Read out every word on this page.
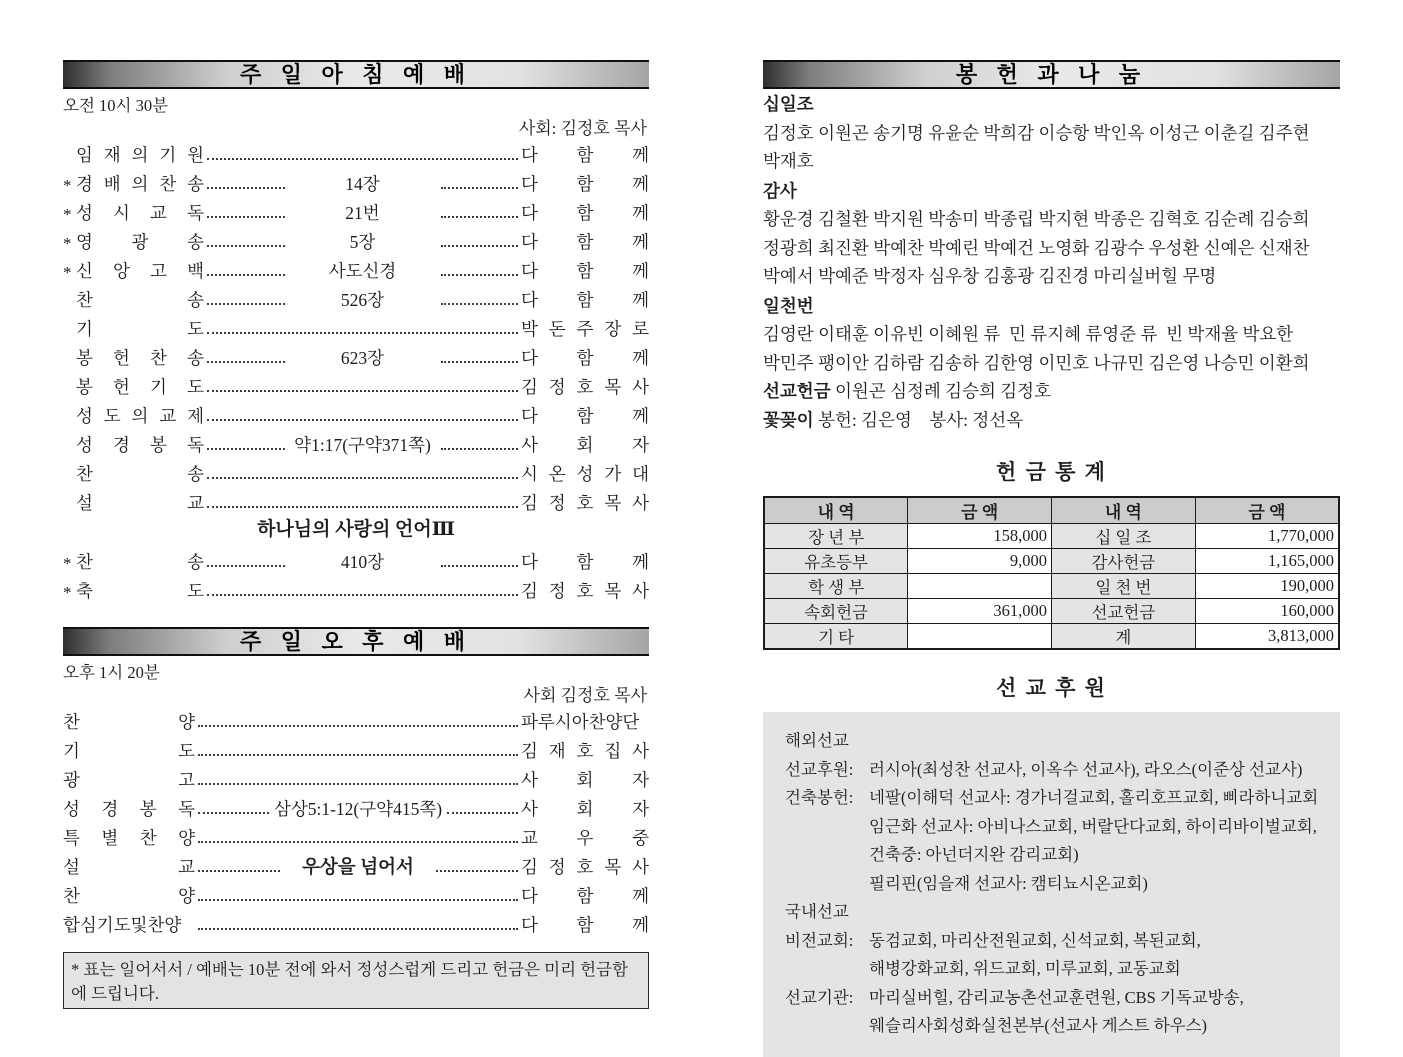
주 일 아 침 예 배
오전 10시 30분
사회: 김정호 목사
임 재 의 기 원	다 함 께
* 경 배 의 찬 송	14장	다 함 께
* 성 시 교 독	21번	다 함 께
* 영 광 송	5장	다 함 께
* 신 앙 고 백	사도신경	다 함 께
찬 송	526장	다 함 께
기 도	박 돈 주 장 로
봉 헌 찬 송	623장	다 함 께
봉 헌 기 도	김 정 호 목 사
성 도 의 교 제	다 함 께
성 경 봉 독	약1:17(구약371쪽)	사 회 자
찬 송	시 온 성 가 대
설 교	김 정 호 목 사
하나님의 사랑의 언어Ⅲ
* 찬 송	410장	다 함 께
* 축 도	김 정 호 목 사
주 일 오 후 예 배
오후 1시 20분
사회 김정호 목사
찬 양	파루시아찬양단
기 도	김 재 호 집 사
광 고	사 회 자
성 경 봉 독	삼상5:1-12(구약415쪽)	사 회 자
특 별 찬 양	교 우 중
설 교	우상을 넘어서	김 정 호 목 사
찬 양	다 함 께
합심기도및찬양	다 함 께
* 표는 일어서서 / 예배는 10분 전에 와서 정성스럽게 드리고 헌금은 미리 헌금함에 드립니다.
봉 헌 과 나 눔
십일조
김정호 이원곤 송기명 유윤순 박희감 이승항 박인옥 이성근 이춘길 김주현
박재호
감사
황운경 김철환 박지원 박송미 박종립 박지현 박종은 김혁호 김순례 김승희
정광희 최진환 박예찬 박예린 박예건 노영화 김광수 우성환 신예은 신재찬
박예서 박예준 박정자 심우창 김홍광 김진경 마리실버힐 무명
일천번
김영란 이태훈 이유빈 이혜원 류  민 류지혜 류영준 류  빈 박재율 박요한
박민주 팽이안 김하람 김송하 김한영 이민호 나규민 김은영 나승민 이환희
선교헌금 이원곤 심정례 김승희 김정호
꽃꽂이 봉헌: 김은영    봉사: 정선옥
헌 금 통 계
내 역	금 액	내 역	금 액
장 년 부	158,000	십 일 조	1,770,000
유초등부	9,000	감사헌금	1,165,000
학 생 부		일 천 번	190,000
속회헌금	361,000	선교헌금	160,000
기 타		계	3,813,000
선 교 후 원
해외선교
선교후원: 러시아(최성찬 선교사, 이옥수 선교사), 라오스(이준상 선교사)
건축봉헌: 네팔(이해덕 선교사: 경가너걸교회, 홀리호프교회, 삐라하니교회
임근화 선교사: 아비나스교회, 버랄단다교회, 하이리바이벌교회,
건축중: 아넌더지완 감리교회)
필리핀(임을재 선교사: 캠티뇨시온교회)
국내선교
비전교회: 동검교회, 마리산전원교회, 신석교회, 복된교회,
해병강화교회, 위드교회, 미루교회, 교동교회
선교기관: 마리실버힐, 감리교농촌선교훈련원, CBS 기독교방송,
웨슬리사회성화실천본부(선교사 게스트 하우스)
